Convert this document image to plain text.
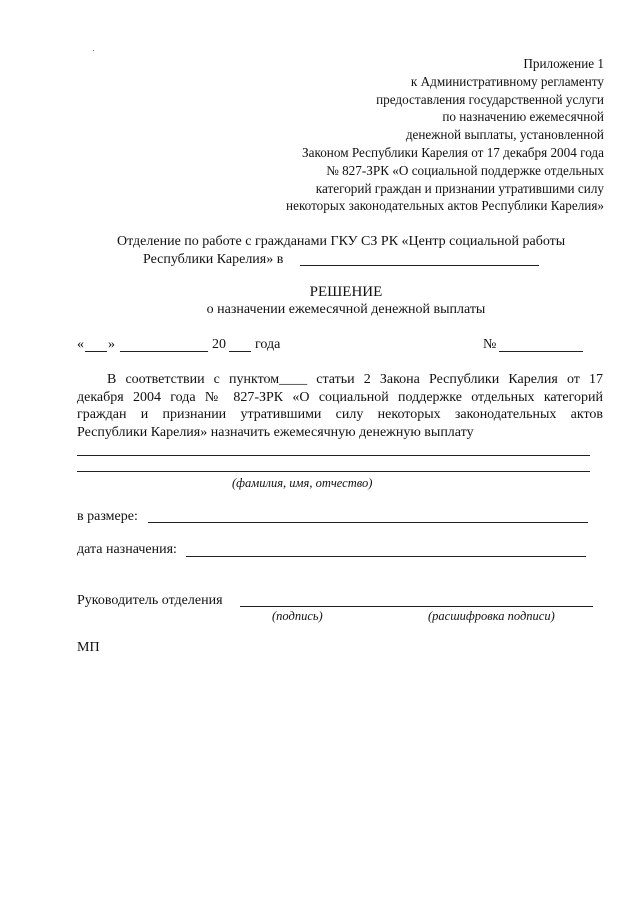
Приложение 1
к Административному регламенту
предоставления государственной услуги
по назначению ежемесячной
денежной выплаты, установленной
Законом Республики Карелия от 17 декабря 2004 года
№ 827-ЗРК «О социальной поддержке отдельных
категорий граждан и признании утратившими силу
некоторых законодательных актов Республики Карелия»
Отделение по работе с гражданами ГКУ СЗ РК «Центр социальной работы
Республики Карелия» в
РЕШЕНИЕ
о назначении ежемесячной денежной выплаты
« »	20 года	№
В соответствии с пунктом____ статьи 2 Закона Республики Карелия от 17
декабря 2004 года № 827-ЗРК «О социальной поддержке отдельных категорий
граждан и признании утратившими силу некоторых законодательных актов
Республики Карелия» назначить ежемесячную денежную выплату
(фамилия, имя, отчество)
в размере:
дата назначения:
Руководитель отделения
(подпись)	(расшифровка подписи)
МП
